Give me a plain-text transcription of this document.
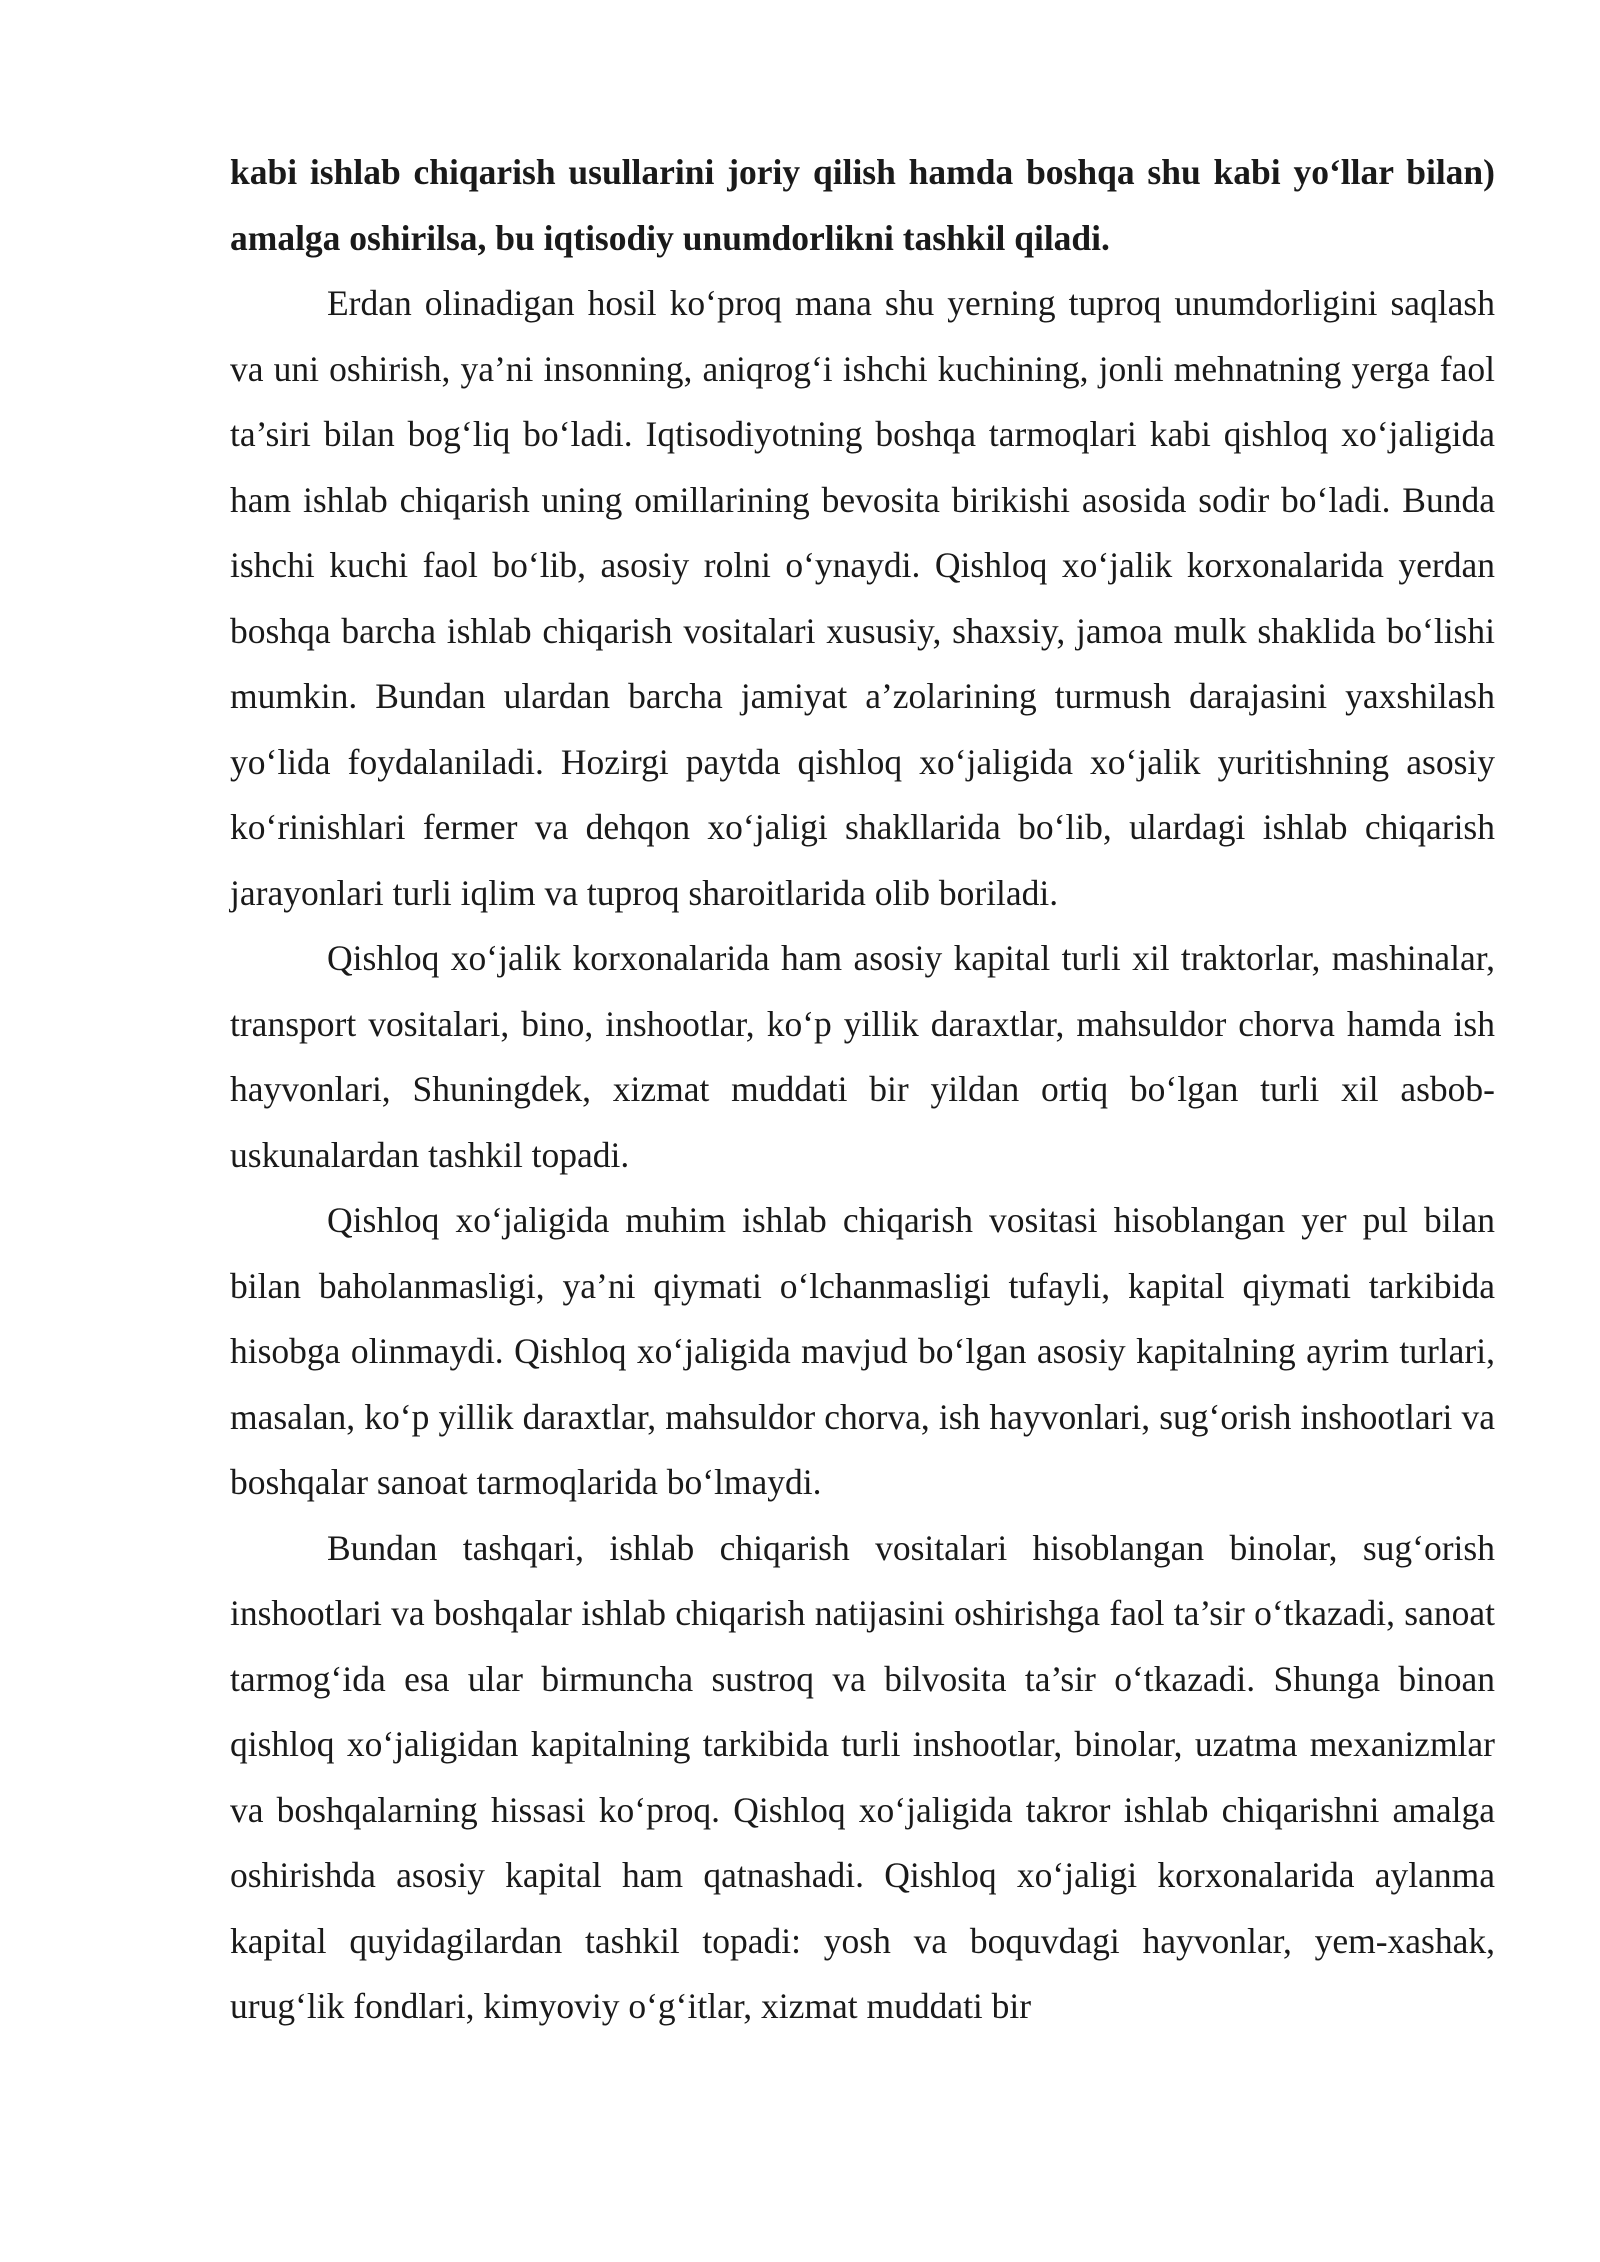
kabi ishlab chiqarish usullarini joriy qilish hamda boshqa shu kabi yo‘llar bilan) amalga oshirilsa, bu iqtisodiy unumdorlikni tashkil qiladi.

Erdan olinadigan hosil ko‘proq mana shu yerning tuproq unumdorligini saqlash va uni oshirish, ya’ni insonning, aniqrog‘i ishchi kuchining, jonli mehnatning yerga faol ta’siri bilan bog‘liq bo‘ladi. Iqtisodiyotning boshqa tarmoqlari kabi qishloq xo‘jaligida ham ishlab chiqarish uning omillarining bevosita birikishi asosida sodir bo‘ladi. Bunda ishchi kuchi faol bo‘lib, asosiy rolni o‘ynaydi. Qishloq xo‘jalik korxonalarida yerdan boshqa barcha ishlab chiqarish vositalari xususiy, shaxsiy, jamoa mulk shaklida bo‘lishi mumkin. Bundan ulardan barcha jamiyat a’zolarining turmush darajasini yaxshilash yo‘lida foydalaniladi. Hozirgi paytda qishloq xo‘jaligida xo‘jalik yuritishning asosiy ko‘rinishlari fermer va dehqon xo‘jaligi shakllarida bo‘lib, ulardagi ishlab chiqarish jarayonlari turli iqlim va tuproq sharoitlarida olib boriladi.

Qishloq xo‘jalik korxonalarida ham asosiy kapital turli xil traktorlar, mashinalar, transport vositalari, bino, inshootlar, ko‘p yillik daraxtlar, mahsuldor chorva hamda ish hayvonlari, Shuningdek, xizmat muddati bir yildan ortiq bo‘lgan turli xil asbob-uskunalardan tashkil topadi.

Qishloq xo‘jaligida muhim ishlab chiqarish vositasi hisoblangan yer pul bilan bilan baholanmasligi, ya’ni qiymati o‘lchanmasligi tufayli, kapital qiymati tarkibida hisobga olinmaydi. Qishloq xo‘jaligida mavjud bo‘lgan asosiy kapitalning ayrim turlari, masalan, ko‘p yillik daraxtlar, mahsuldor chorva, ish hayvonlari, sug‘orish inshootlari va boshqalar sanoat tarmoqlarida bo‘lmaydi.

Bundan tashqari, ishlab chiqarish vositalari hisoblangan binolar, sug‘orish inshootlari va boshqalar ishlab chiqarish natijasini oshirishga faol ta’sir o‘tkazadi, sanoat tarmog‘ida esa ular birmuncha sustroq va bilvosita ta’sir o‘tkazadi. Shunga binoan qishloq xo‘jaligidan kapitalning tarkibida turli inshootlar, binolar, uzatma mexanizmlar va boshqalarning hissasi ko‘proq. Qishloq xo‘jaligida takror ishlab chiqarishni amalga oshirishda asosiy kapital ham qatnashadi. Qishloq xo‘jaligi korxonalarida aylanma kapital quyidagilardan tashkil topadi: yosh va boquvdagi hayvonlar, yem-xashak, urug‘lik fondlari, kimyoviy o‘g‘itlar, xizmat muddati bir
